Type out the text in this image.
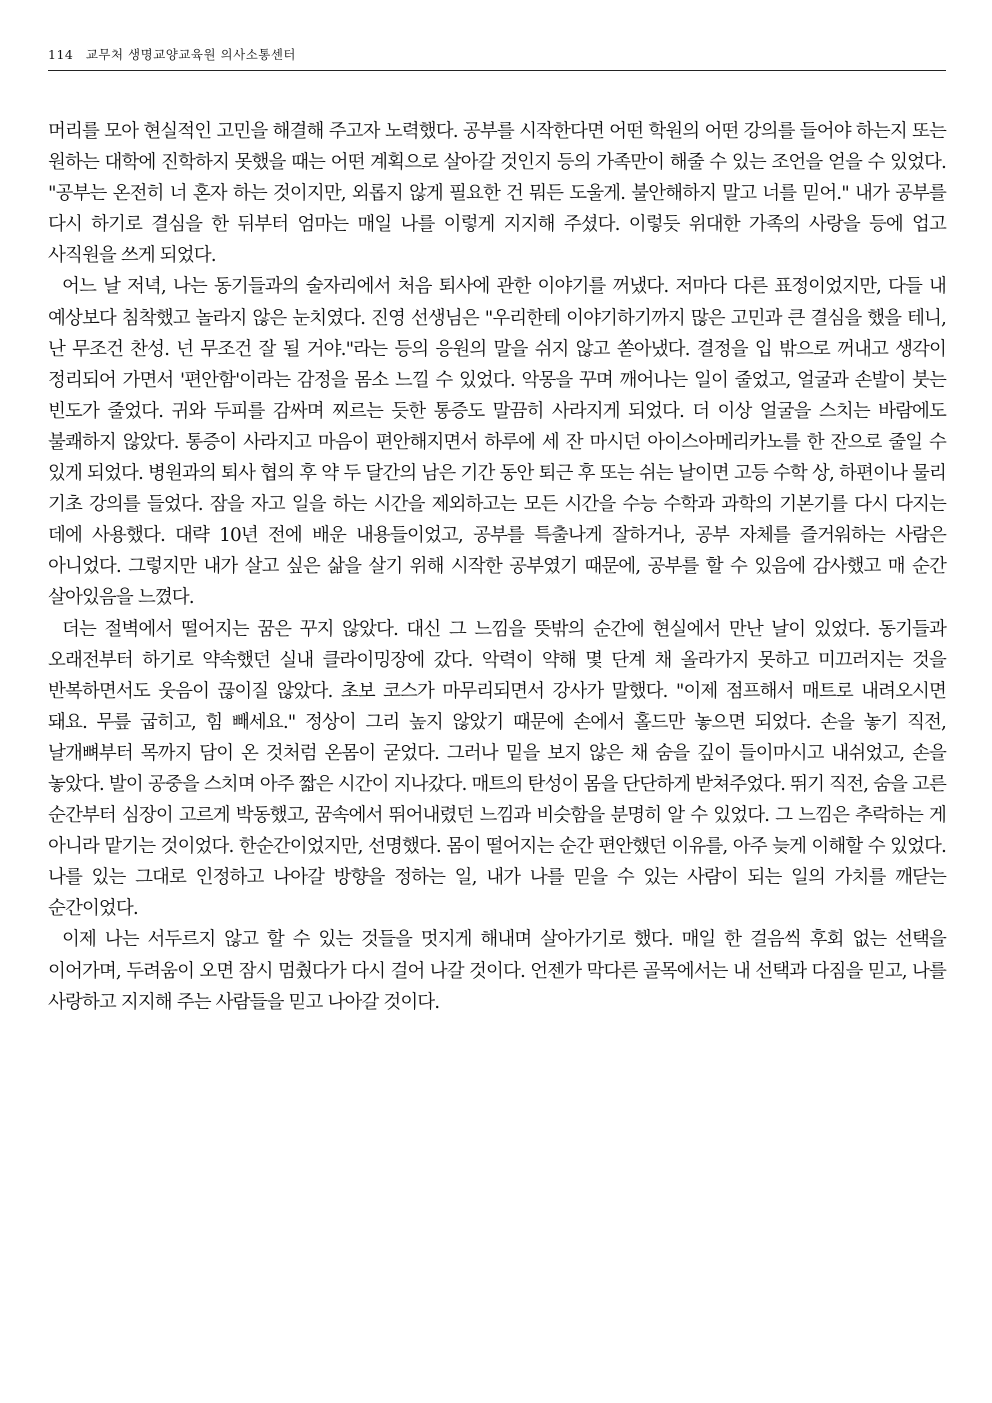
114 교무처 생명교양교육원 의사소통센터

머리를 모아 현실적인 고민을 해결해 주고자 노력했다. 공부를 시작한다면 어떤 학원의 어떤 강의를 들어야 하는지 또는 원하는 대학에 진학하지 못했을 때는 어떤 계획으로 살아갈 것인지 등의 가족만이 해줄 수 있는 조언을 얻을 수 있었다. "공부는 온전히 너 혼자 하는 것이지만, 외롭지 않게 필요한 건 뭐든 도울게. 불안해하지 말고 너를 믿어." 내가 공부를 다시 하기로 결심을 한 뒤부터 엄마는 매일 나를 이렇게 지지해 주셨다. 이렇듯 위대한 가족의 사랑을 등에 업고 사직원을 쓰게 되었다.

어느 날 저녁, 나는 동기들과의 술자리에서 처음 퇴사에 관한 이야기를 꺼냈다. 저마다 다른 표정이었지만, 다들 내 예상보다 침착했고 놀라지 않은 눈치였다. 진영 선생님은 "우리한테 이야기하기까지 많은 고민과 큰 결심을 했을 테니, 난 무조건 찬성. 넌 무조건 잘 될 거야."라는 등의 응원의 말을 쉬지 않고 쏟아냈다. 결정을 입 밖으로 꺼내고 생각이 정리되어 가면서 '편안함'이라는 감정을 몸소 느낄 수 있었다. 악몽을 꾸며 깨어나는 일이 줄었고, 얼굴과 손발이 붓는 빈도가 줄었다. 귀와 두피를 감싸며 찌르는 듯한 통증도 말끔히 사라지게 되었다. 더 이상 얼굴을 스치는 바람에도 불쾌하지 않았다. 통증이 사라지고 마음이 편안해지면서 하루에 세 잔 마시던 아이스아메리카노를 한 잔으로 줄일 수 있게 되었다. 병원과의 퇴사 협의 후 약 두 달간의 남은 기간 동안 퇴근 후 또는 쉬는 날이면 고등 수학 상, 하편이나 물리 기초 강의를 들었다. 잠을 자고 일을 하는 시간을 제외하고는 모든 시간을 수능 수학과 과학의 기본기를 다시 다지는 데에 사용했다. 대략 10년 전에 배운 내용들이었고, 공부를 특출나게 잘하거나, 공부 자체를 즐거워하는 사람은 아니었다. 그렇지만 내가 살고 싶은 삶을 살기 위해 시작한 공부였기 때문에, 공부를 할 수 있음에 감사했고 매 순간 살아있음을 느꼈다.

더는 절벽에서 떨어지는 꿈은 꾸지 않았다. 대신 그 느낌을 뜻밖의 순간에 현실에서 만난 날이 있었다. 동기들과 오래전부터 하기로 약속했던 실내 클라이밍장에 갔다. 악력이 약해 몇 단계 채 올라가지 못하고 미끄러지는 것을 반복하면서도 웃음이 끊이질 않았다. 초보 코스가 마무리되면서 강사가 말했다. "이제 점프해서 매트로 내려오시면 돼요. 무릎 굽히고, 힘 빼세요." 정상이 그리 높지 않았기 때문에 손에서 홀드만 놓으면 되었다. 손을 놓기 직전, 날개뼈부터 목까지 담이 온 것처럼 온몸이 굳었다. 그러나 밑을 보지 않은 채 숨을 깊이 들이마시고 내쉬었고, 손을 놓았다. 발이 공중을 스치며 아주 짧은 시간이 지나갔다. 매트의 탄성이 몸을 단단하게 받쳐주었다. 뛰기 직전, 숨을 고른 순간부터 심장이 고르게 박동했고, 꿈속에서 뛰어내렸던 느낌과 비슷함을 분명히 알 수 있었다. 그 느낌은 추락하는 게 아니라 맡기는 것이었다. 한순간이었지만, 선명했다. 몸이 떨어지는 순간 편안했던 이유를, 아주 늦게 이해할 수 있었다. 나를 있는 그대로 인정하고 나아갈 방향을 정하는 일, 내가 나를 믿을 수 있는 사람이 되는 일의 가치를 깨닫는 순간이었다.

이제 나는 서두르지 않고 할 수 있는 것들을 멋지게 해내며 살아가기로 했다. 매일 한 걸음씩 후회 없는 선택을 이어가며, 두려움이 오면 잠시 멈췄다가 다시 걸어 나갈 것이다. 언젠가 막다른 골목에서는 내 선택과 다짐을 믿고, 나를 사랑하고 지지해 주는 사람들을 믿고 나아갈 것이다.
